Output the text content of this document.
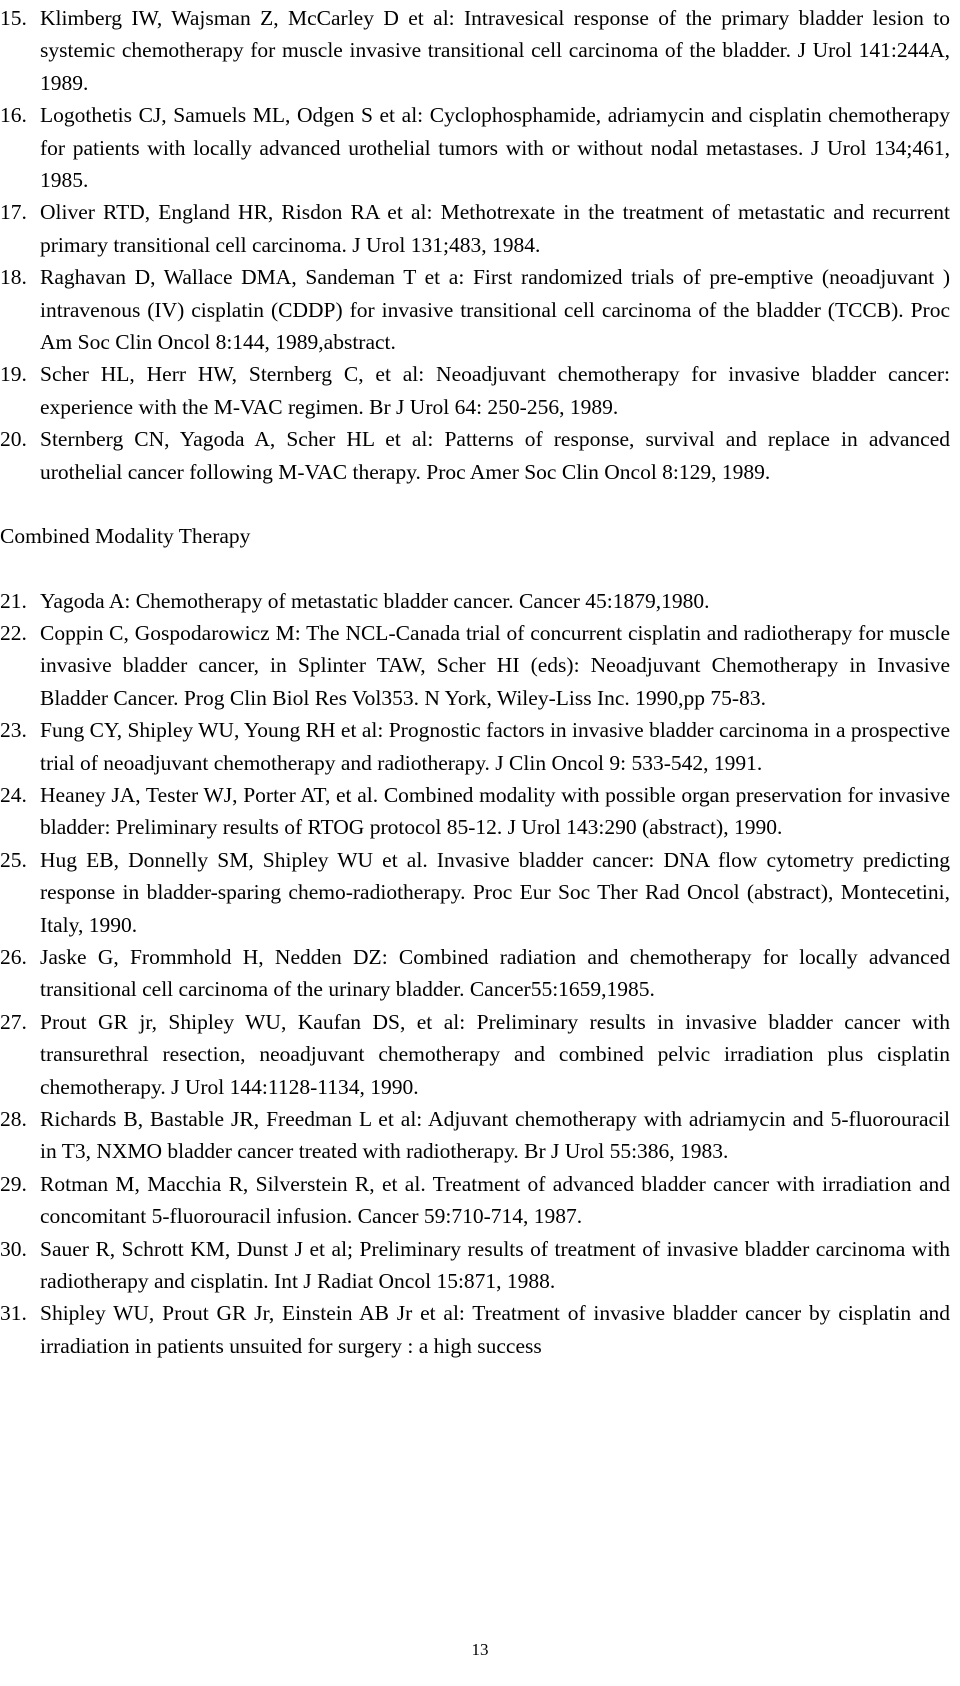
15. Klimberg IW, Wajsman Z, McCarley D et al: Intravesical response of the primary bladder lesion to systemic chemotherapy for muscle invasive transitional cell carcinoma of the bladder. J Urol 141:244A, 1989.

16. Logothetis CJ, Samuels ML, Odgen S et al: Cyclophosphamide, adriamycin and cisplatin chemotherapy for patients with locally advanced urothelial tumors with or without nodal metastases. J Urol 134;461, 1985.

17. Oliver RTD, England HR, Risdon RA et al: Methotrexate in the treatment of metastatic and recurrent primary transitional cell carcinoma. J Urol 131;483, 1984.

18. Raghavan D, Wallace DMA, Sandeman T et a: First randomized trials of pre-emptive (neoadjuvant ) intravenous (IV) cisplatin (CDDP) for invasive transitional cell carcinoma of the bladder (TCCB). Proc Am Soc Clin Oncol 8:144, 1989,abstract.

19. Scher HL, Herr HW, Sternberg C, et al: Neoadjuvant chemotherapy for invasive bladder cancer: experience with the M-VAC regimen. Br J Urol 64: 250-256, 1989.

20. Sternberg CN, Yagoda A, Scher HL et al: Patterns of response, survival and replace in advanced urothelial cancer following M-VAC therapy. Proc Amer Soc Clin Oncol 8:129, 1989.

Combined Modality Therapy

21. Yagoda A: Chemotherapy of metastatic bladder cancer. Cancer 45:1879,1980.

22. Coppin C, Gospodarowicz M: The NCL-Canada trial of concurrent cisplatin and radiotherapy for muscle invasive bladder cancer, in Splinter TAW, Scher HI (eds): Neoadjuvant Chemotherapy in Invasive Bladder Cancer. Prog Clin Biol Res Vol353. N York, Wiley-Liss Inc. 1990,pp 75-83.

23. Fung CY, Shipley WU, Young RH et al: Prognostic factors in invasive bladder carcinoma in a prospective trial of neoadjuvant chemotherapy and radiotherapy. J Clin Oncol 9: 533-542, 1991.

24. Heaney JA, Tester WJ, Porter AT, et al. Combined modality with possible organ preservation for invasive bladder: Preliminary results of RTOG protocol 85-12. J Urol 143:290 (abstract), 1990.

25. Hug EB, Donnelly SM, Shipley WU et al. Invasive bladder cancer: DNA flow cytometry predicting response in bladder-sparing chemo-radiotherapy. Proc Eur Soc Ther Rad Oncol (abstract), Montecetini, Italy, 1990.

26. Jaske G, Frommhold H, Nedden DZ: Combined radiation and chemotherapy for locally advanced transitional cell carcinoma of the urinary bladder. Cancer55:1659,1985.

27. Prout GR jr, Shipley WU, Kaufan DS, et al: Preliminary results in invasive bladder cancer with transurethral resection, neoadjuvant chemotherapy and combined pelvic irradiation plus cisplatin chemotherapy. J Urol 144:1128-1134, 1990.

28. Richards B, Bastable JR, Freedman L et al: Adjuvant chemotherapy with adriamycin and 5-fluorouracil in T3, NXMO bladder cancer treated with radiotherapy. Br J Urol 55:386, 1983.

29. Rotman M, Macchia R, Silverstein R, et al. Treatment of advanced bladder cancer with irradiation and concomitant 5-fluorouracil infusion. Cancer 59:710-714, 1987.

30. Sauer R, Schrott KM, Dunst J et al; Preliminary results of treatment of invasive bladder carcinoma with radiotherapy and cisplatin. Int J Radiat Oncol 15:871, 1988.

31. Shipley WU, Prout GR Jr, Einstein AB Jr et al: Treatment of invasive bladder cancer by cisplatin and irradiation in patients unsuited for surgery : a high success

13
